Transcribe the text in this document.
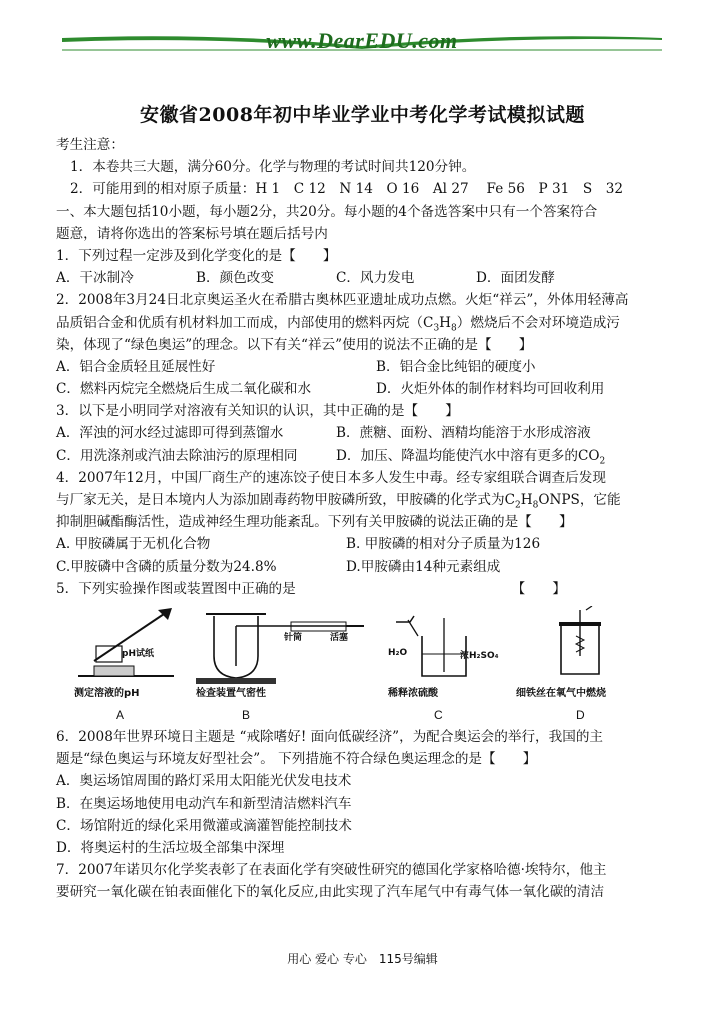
www.DearEDU.com
安徽省2008年初中毕业学业中考化学考试模拟试题
考生注意：
1．本卷共三大题，满分60分。化学与物理的考试时间共120分钟。
2．可能用到的相对原子质量：H 1　C 12　N 14　O 16　Al 27　 Fe 56　P 31　S　32
一、本大题包括10小题，每小题2分，共20分。每小题的4个备选答案中只有一个答案符合
题意，请将你选出的答案标号填在题后括号内
1．下列过程一定涉及到化学变化的是【　　】
A．干冰制冷	B．颜色改变	C．风力发电	D．面团发酵
2．2008年3月24日北京奥运圣火在希腊古奥林匹亚遗址成功点燃。火炬“祥云”，外体用轻薄高
品质铝合金和优质有机材料加工而成，内部使用的燃料丙烷$(C_3H_8)$燃烧后不会对环境造成污
染，体现了“绿色奥运”的理念。以下有关“祥云”使用的说法不正确的是【　　】
A．铝合金质轻且延展性好	B．铝合金比纯铝的硬度小
C．燃料丙烷完全燃烧后生成二氧化碳和水	D．火炬外体的制作材料均可回收利用
3．以下是小明同学对溶液有关知识的认识，其中正确的是【　　】
A．浑浊的河水经过滤即可得到蒸馏水	B．蔗糖、面粉、酒精均能溶于水形成溶液
C．用洗涤剂或汽油去除油污的原理相同	D．加压、降温均能使汽水中溶有更多的$CO_2$
4．2007年12月，中国厂商生产的速冻饺子使日本多人发生中毒。经专家组联合调查后发现
与厂家无关，是日本境内人为添加剧毒药物甲胺磷所致，甲胺磷的化学式为$C_2H_8ONPS$，它能
抑制胆碱酯酶活性，造成神经生理功能紊乱。下列有关甲胺磷的说法正确的是【　　】
A. 甲胺磷属于无机化合物	B. 甲胺磷的相对分子质量为126
C.甲胺磷中含磷的质量分数为24.8%	D.甲胺磷由14种元素组成
5．下列实验操作图或装置图中正确的是	【　　】
pH试纸
测定溶液的pH
A
针筒	活塞
检查装置气密性
B
H₂O	浓H₂SO₄
稀释浓硫酸
C
细铁丝在氧气中燃烧
D
6．2008年世界环境日主题是 “戒除嗜好! 面向低碳经济”，为配合奥运会的举行，我国的主
题是“绿色奥运与环境友好型社会”。 下列措施不符合绿色奥运理念的是【　　】
A．奥运场馆周围的路灯采用太阳能光伏发电技术
B．在奥运场地使用电动汽车和新型清洁燃料汽车
C．场馆附近的绿化采用微灌或滴灌智能控制技术
D．将奥运村的生活垃圾全部集中深埋
7．2007年诺贝尔化学奖表彰了在表面化学有突破性研究的德国化学家格哈德·埃特尔，他主
要研究一氧化碳在铂表面催化下的氧化反应,由此实现了汽车尾气中有毒气体一氧化碳的清洁
用心 爱心 专心　115号编辑
